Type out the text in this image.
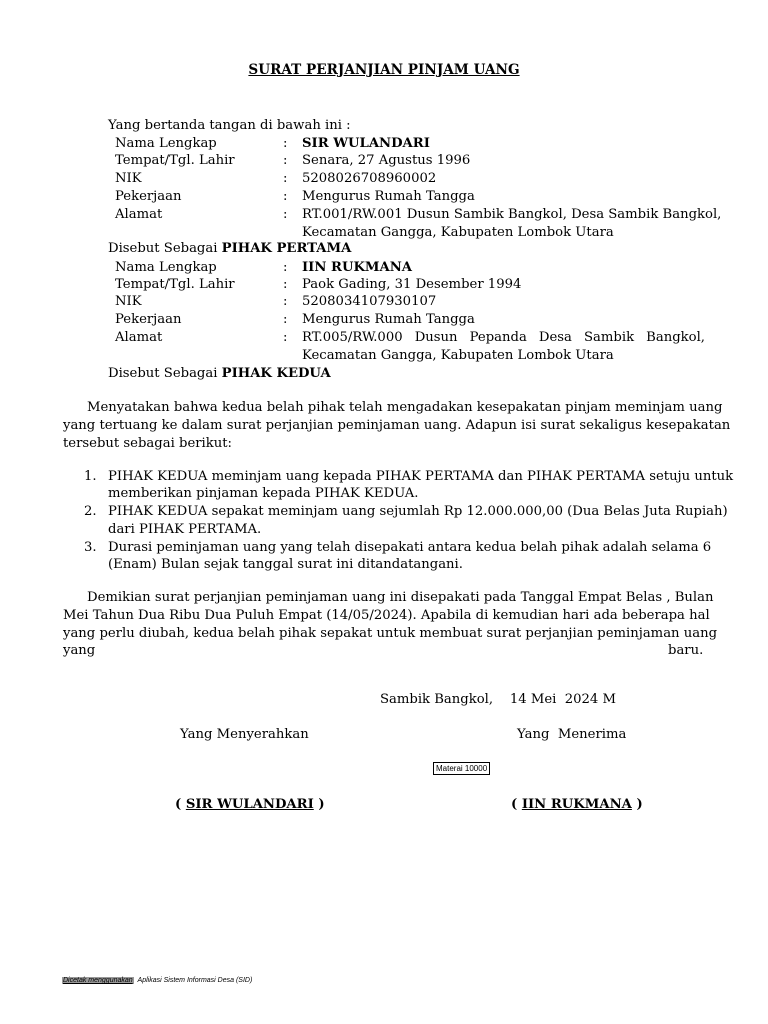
SURAT PERJANJIAN PINJAM UANG
Yang bertanda tangan di bawah ini :
Nama Lengkap	: SIR WULANDARI
Tempat/Tgl. Lahir	: Senara, 27 Agustus 1996
NIK	: 5208026708960002
Pekerjaan	: Mengurus Rumah Tangga
Alamat	: RT.001/RW.001 Dusun Sambik Bangkol, Desa Sambik Bangkol,
Kecamatan Gangga, Kabupaten Lombok Utara
Disebut Sebagai PIHAK PERTAMA
Nama Lengkap	: IIN RUKMANA
Tempat/Tgl. Lahir	: Paok Gading, 31 Desember 1994
NIK	: 5208034107930107
Pekerjaan	: Mengurus Rumah Tangga
Alamat	: RT.005/RW.000 Dusun Pepanda Desa Sambik Bangkol,
Kecamatan Gangga, Kabupaten Lombok Utara
Disebut Sebagai PIHAK KEDUA
Menyatakan bahwa kedua belah pihak telah mengadakan kesepakatan pinjam meminjam uang
yang tertuang ke dalam surat perjanjian peminjaman uang. Adapun isi surat sekaligus kesepakatan
tersebut sebagai berikut:
1. PIHAK KEDUA meminjam uang kepada PIHAK PERTAMA dan PIHAK PERTAMA setuju untuk
memberikan pinjaman kepada PIHAK KEDUA.
2. PIHAK KEDUA sepakat meminjam uang sejumlah Rp 12.000.000,00 (Dua Belas Juta Rupiah)
dari PIHAK PERTAMA.
3. Durasi peminjaman uang yang telah disepakati antara kedua belah pihak adalah selama 6
(Enam) Bulan sejak tanggal surat ini ditandatangani.
Demikian surat perjanjian peminjaman uang ini disepakati pada Tanggal Empat Belas , Bulan
Mei Tahun Dua Ribu Dua Puluh Empat (14/05/2024). Apabila di kemudian hari ada beberapa hal
yang perlu diubah, kedua belah pihak sepakat untuk membuat surat perjanjian peminjaman uang
yang	baru.
Sambik Bangkol,    14 Mei  2024 M
Yang Menyerahkan	Yang  Menerima
Materai 10000
( SIR WULANDARI )	( IIN RUKMANA )
Dicetak menggunakan Aplikasi Sistem Informasi Desa (SID)
